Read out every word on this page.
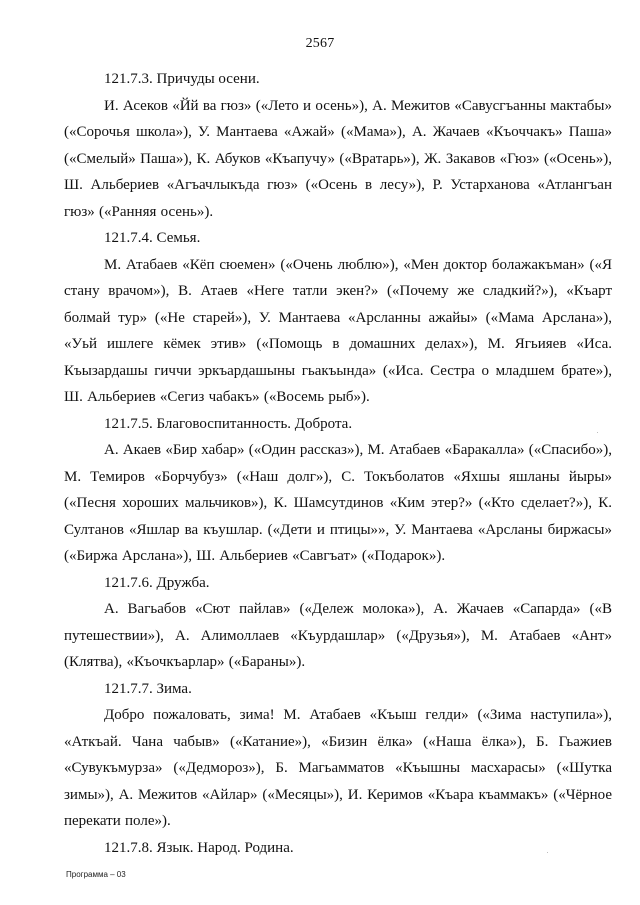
2567

121.7.3. Причуды осени.

И. Асеков «Йй ва гюз» («Лето и осень»), А. Межитов «Савусгъанны мактабы» («Сорочья школа»), У. Мантаева «Ажай» («Мама»), А. Жачаев «Къоччакъ» Паша» («Смелый» Паша»), К. Абуков «Къапучу» («Вратарь»), Ж. Закавов «Гюз» («Осень»), Ш. Альбериев «Агъачлыкъда гюз» («Осень в лесу»), Р. Устарханова «Атлангъан гюз» («Ранняя осень»).

121.7.4. Семья.

М. Атабаев «Кёп сюемен» («Очень люблю»), «Мен доктор болажакъман» («Я стану врачом»), В. Атаев «Неге татли экен?» («Почему же сладкий?»), «Къарт болмай тур» («Не старей»), У. Мантаева «Арсланны ажайы» («Мама Арслана»), «Уьй ишлеге кёмек этив» («Помощь в домашних делах»), М. Ягьияев «Иса. Къызардашы гиччи эркъардашыны гьакъында» («Иса. Сестра о младшем брате»), Ш. Альбериев «Сегиз чабакъ» («Восемь рыб»).

121.7.5. Благовоспитанность. Доброта.

А. Акаев «Бир хабар» («Один рассказ»), М. Атабаев «Баракалла» («Спасибо»), М. Темиров «Борчубуз» («Наш долг»), С. Токъболатов «Яхшы яшланы йыры» («Песня хороших мальчиков»), К. Шамсутдинов «Ким этер?» («Кто сделает?»), К. Султанов «Яшлар ва къушлар. («Дети и птицы»», У. Мантаева «Арсланы биржасы» («Биржа Арслана»), Ш. Альбериев «Савгъат» («Подарок»).

121.7.6. Дружба.

А. Вагьабов «Сют пайлав» («Дележ молока»), А. Жачаев «Сапарда» («В путешествии»), А. Алимоллаев «Къурдашлар» («Друзья»), М. Атабаев «Ант» (Клятва), «Къочкъарлар» («Бараны»).

121.7.7. Зима.

Добро пожаловать, зима! М. Атабаев «Къыш гелди» («Зима наступила»), «Аткъай. Чана чабыв» («Катание»), «Бизин ёлка» («Наша ёлка»), Б. Гьажиев «Сувукъмурза» («Дедмороз»), Б. Магьамматов «Къышны масхарасы» («Шутка зимы»), А. Межитов «Айлар» («Месяцы»), И. Керимов «Къара къаммакъ» («Чёрное перекати поле»).

121.7.8. Язык. Народ. Родина.

Программа – 03
